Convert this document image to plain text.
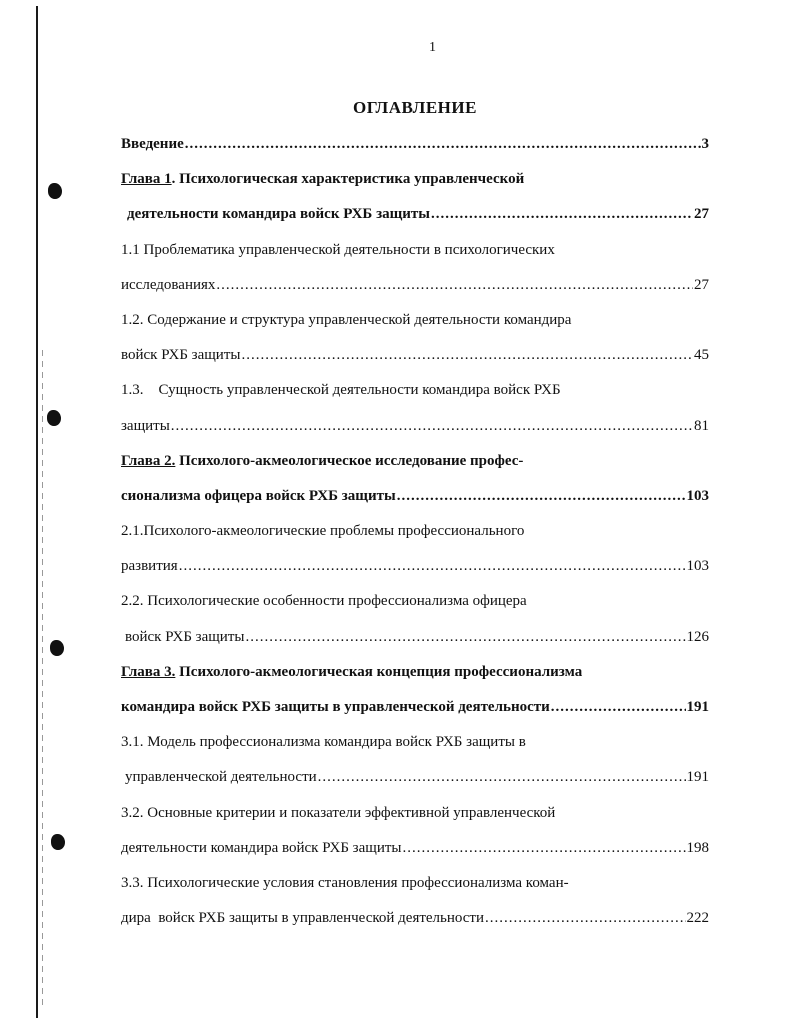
1
ОГЛАВЛЕНИЕ
Введение .....	3
Глава 1. Психологическая характеристика управленческой
деятельности командира войск РХБ защиты .....	27
1.1 Проблематика управленческой деятельности в психологических
исследованиях .....	27
1.2. Содержание и структура управленческой деятельности командира
войск РХБ защиты .....	45
1.3.    Сущность управленческой деятельности командира войск РХБ
защиты .....	81
Глава 2. Психолого-акмеологическое исследование профес-
сионализма офицера войск РХБ защиты .....	103
2.1.Психолого-акмеологические проблемы профессионального
развития .....	103
2.2. Психологические особенности профессионализма офицера
войск РХБ защиты .....	126
Глава 3. Психолого-акмеологическая концепция профессионализма
командира войск РХБ защиты в управленческой деятельности .....	191
3.1. Модель профессионализма командира войск РХБ защиты в
управленческой деятельности .....	191
3.2. Основные критерии и показатели эффективной управленческой
деятельности командира войск РХБ защиты .....	198
3.3. Психологические условия становления профессионализма коман-
дира  войск РХБ защиты в управленческой деятельности .....	222
